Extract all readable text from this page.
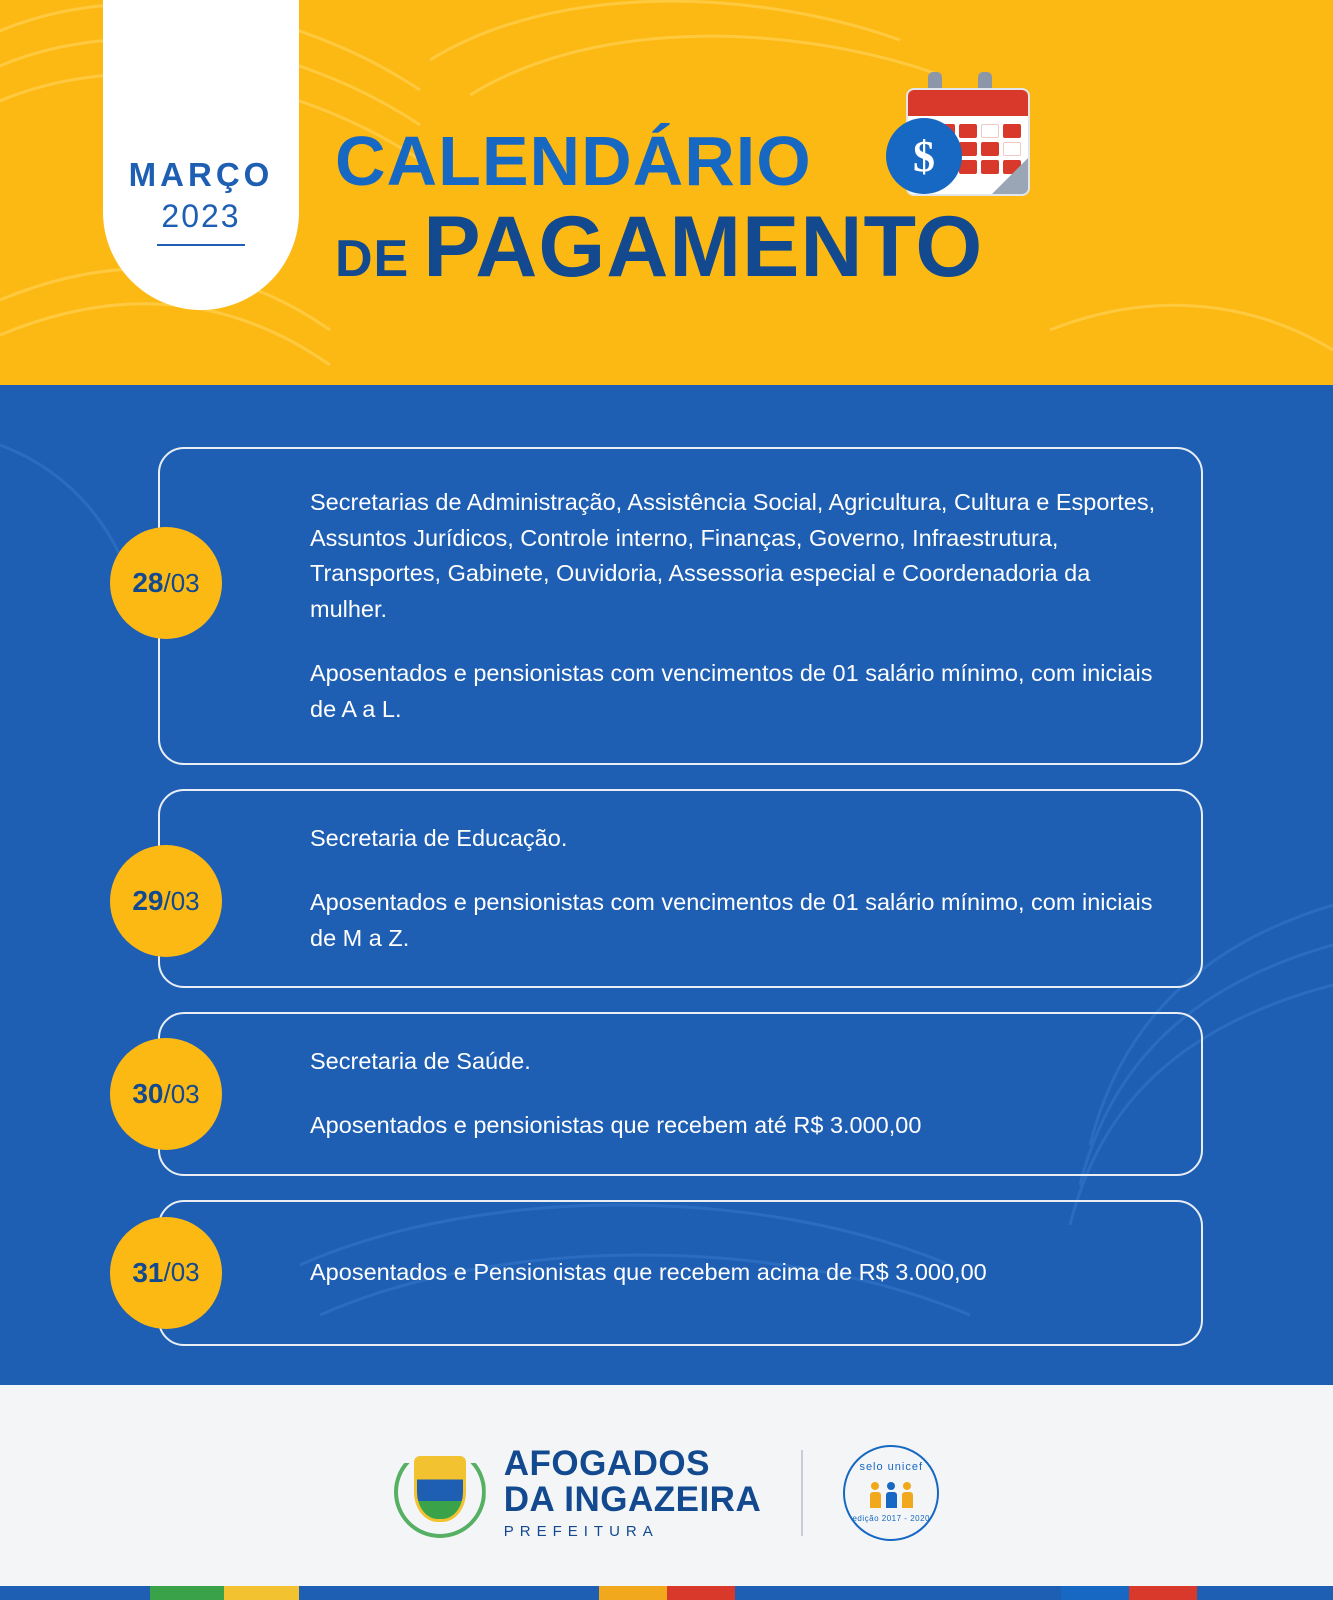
MARÇO
2023
CALENDÁRIO
DE PAGAMENTO
$
28 /03
Secretarias de Administração, Assistência Social, Agricultura, Cultura e Esportes, Assuntos Jurídicos, Controle interno, Finanças, Governo, Infraestrutura, Transportes, Gabinete, Ouvidoria, Assessoria especial e Coordenadoria da mulher.
Aposentados e pensionistas com vencimentos de 01 salário mínimo, com iniciais de A a L.
29 /03
Secretaria de Educação.
Aposentados e pensionistas com vencimentos de 01 salário mínimo, com iniciais de M a Z.
30 /03
Secretaria de Saúde.
Aposentados e pensionistas que recebem até R$ 3.000,00
31 /03	Aposentados e Pensionistas que recebem acima de R$ 3.000,00
AFOGADOS
DA INGAZEIRA
PREFEITURA
selo unicef
edição 2017 - 2020
